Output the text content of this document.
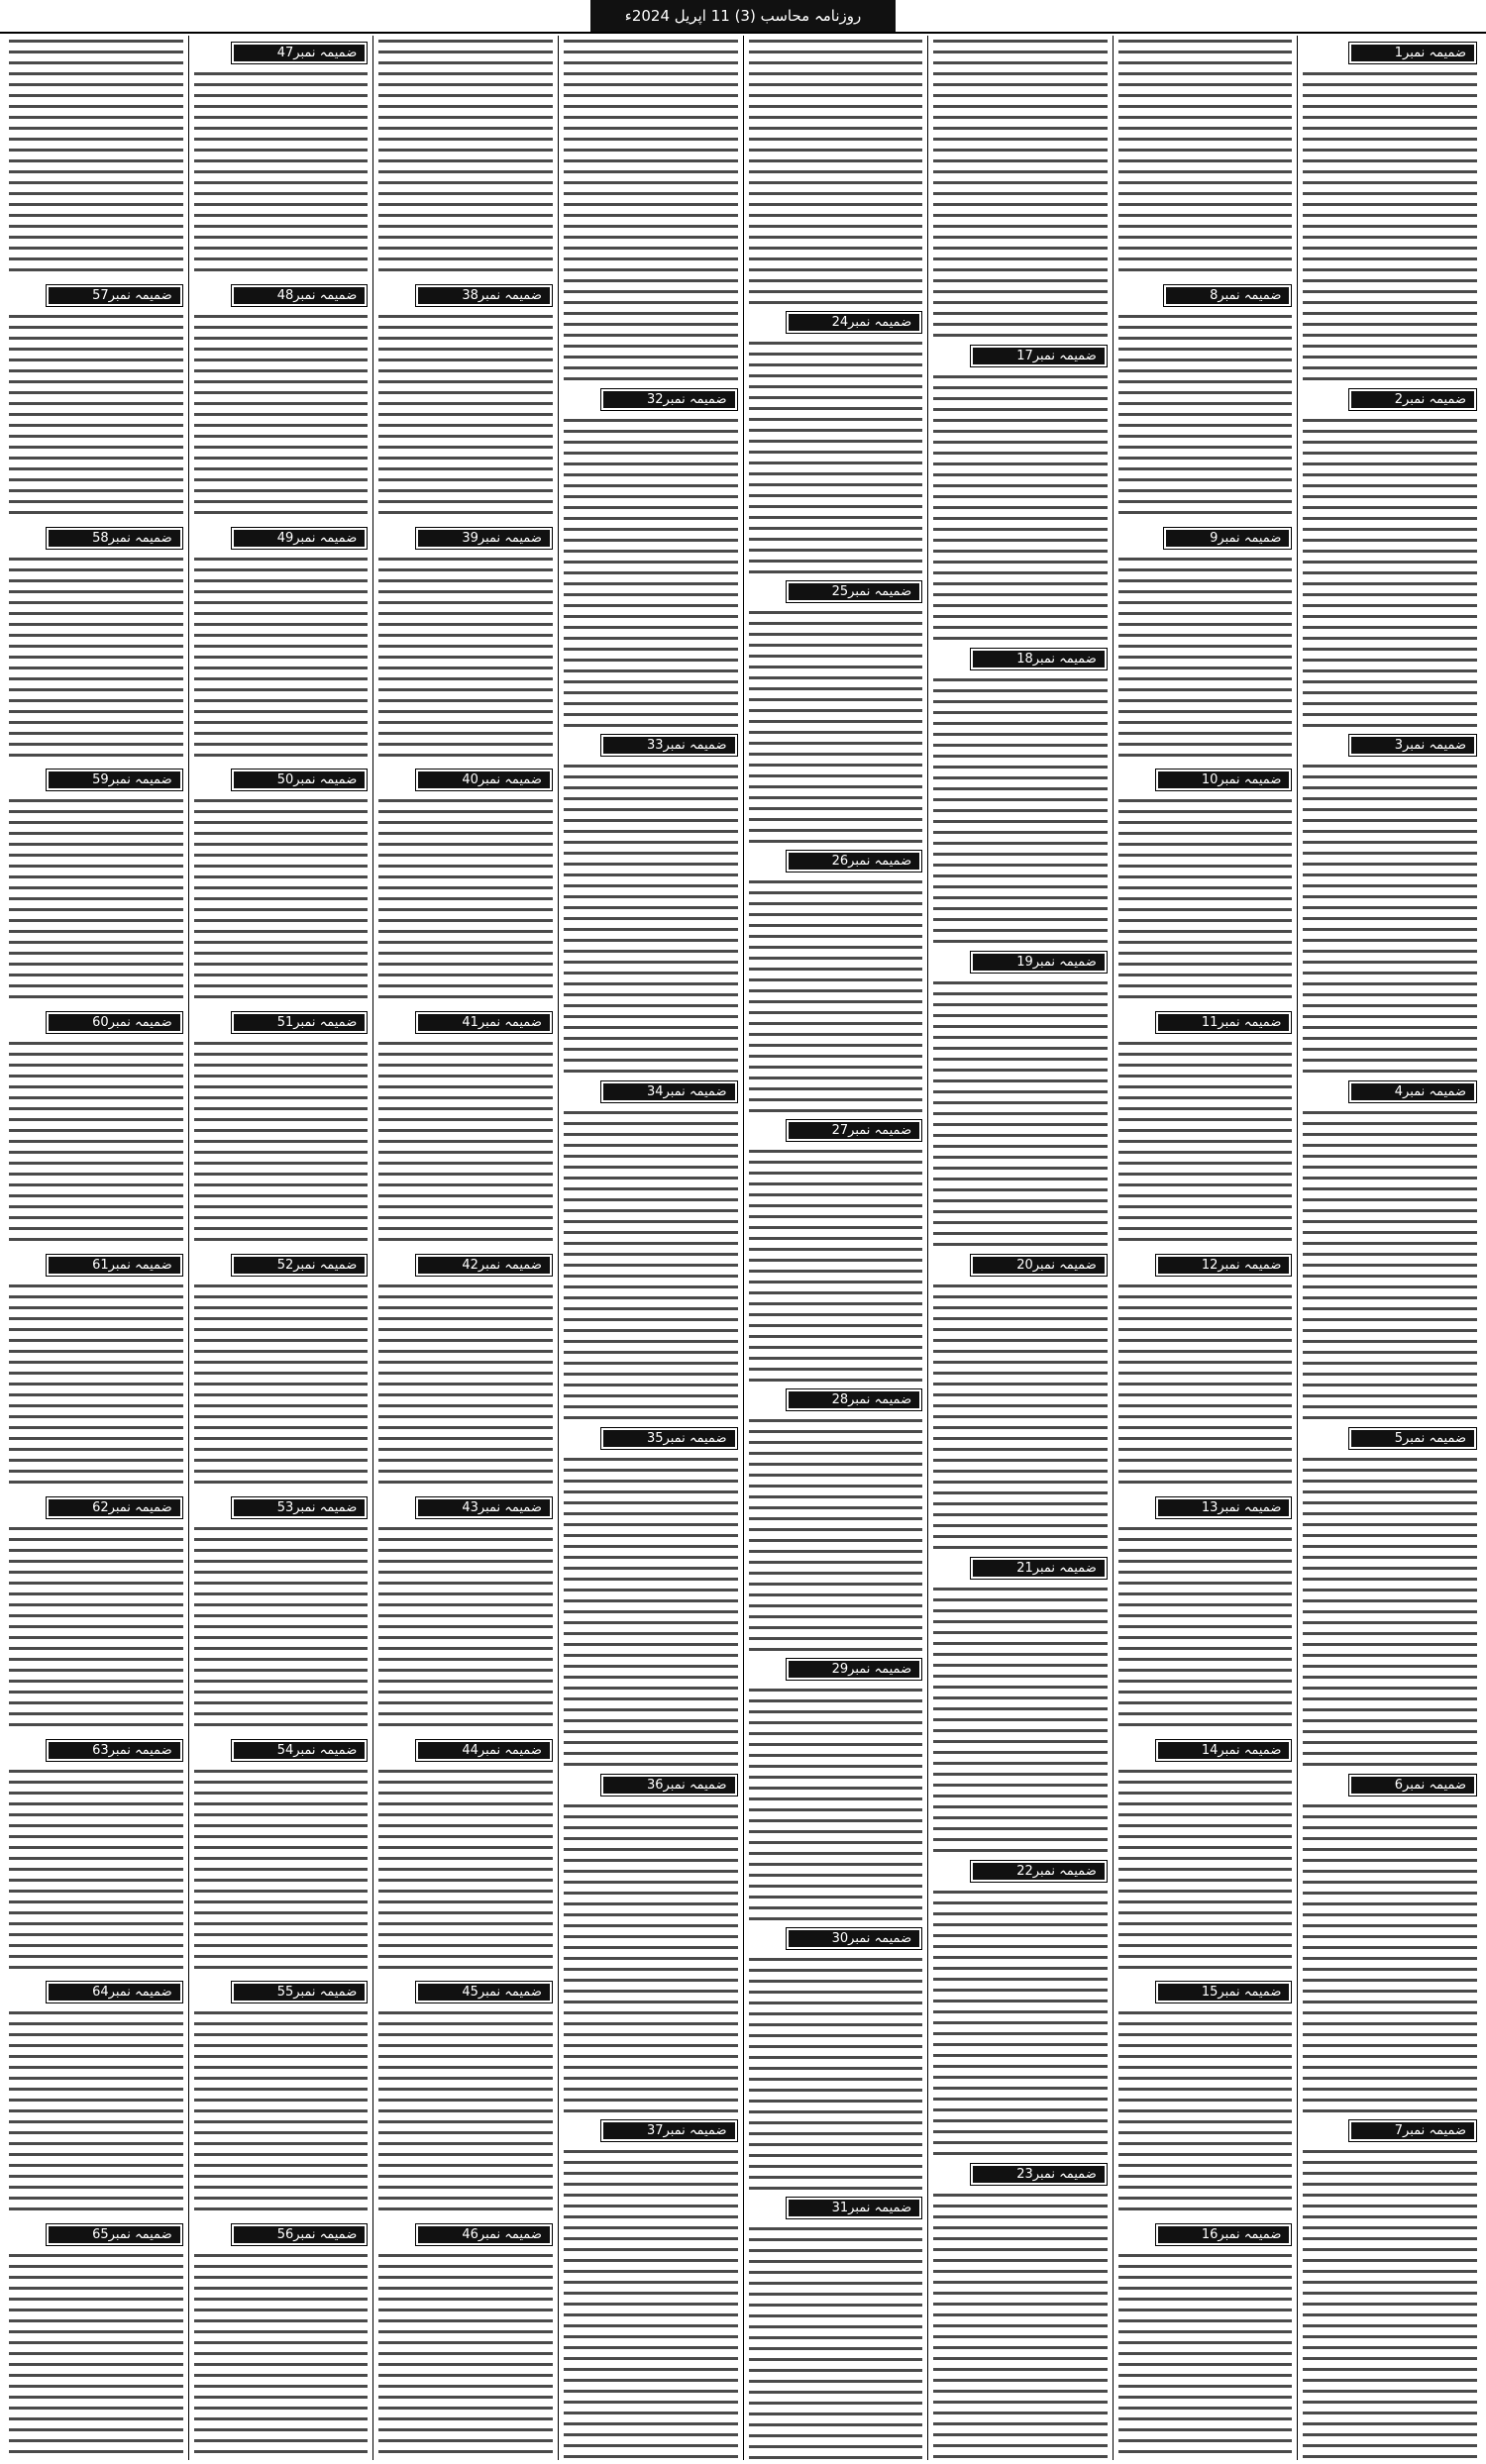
روزنامہ محاسب (3) 11 اپریل 2024ء
ضمیمہ نمبر1
ضمیمہ نمبر2
ضمیمہ نمبر3
ضمیمہ نمبر4
ضمیمہ نمبر5
ضمیمہ نمبر6
ضمیمہ نمبر7
ضمیمہ نمبر8
ضمیمہ نمبر9
ضمیمہ نمبر10
ضمیمہ نمبر11
ضمیمہ نمبر12
ضمیمہ نمبر13
ضمیمہ نمبر14
ضمیمہ نمبر15
ضمیمہ نمبر16
ضمیمہ نمبر17
ضمیمہ نمبر18
ضمیمہ نمبر19
ضمیمہ نمبر20
ضمیمہ نمبر21
ضمیمہ نمبر22
ضمیمہ نمبر23
ضمیمہ نمبر24
ضمیمہ نمبر25
ضمیمہ نمبر26
ضمیمہ نمبر27
ضمیمہ نمبر28
ضمیمہ نمبر29
ضمیمہ نمبر30
ضمیمہ نمبر31
ضمیمہ نمبر32
ضمیمہ نمبر33
ضمیمہ نمبر34
ضمیمہ نمبر35
ضمیمہ نمبر36
ضمیمہ نمبر37
ضمیمہ نمبر38
ضمیمہ نمبر39
ضمیمہ نمبر40
ضمیمہ نمبر41
ضمیمہ نمبر42
ضمیمہ نمبر43
ضمیمہ نمبر44
ضمیمہ نمبر45
ضمیمہ نمبر46
ضمیمہ نمبر47
ضمیمہ نمبر48
ضمیمہ نمبر49
ضمیمہ نمبر50
ضمیمہ نمبر51
ضمیمہ نمبر52
ضمیمہ نمبر53
ضمیمہ نمبر54
ضمیمہ نمبر55
ضمیمہ نمبر56
ضمیمہ نمبر57
ضمیمہ نمبر58
ضمیمہ نمبر59
ضمیمہ نمبر60
ضمیمہ نمبر61
ضمیمہ نمبر62
ضمیمہ نمبر63
ضمیمہ نمبر64
ضمیمہ نمبر65
